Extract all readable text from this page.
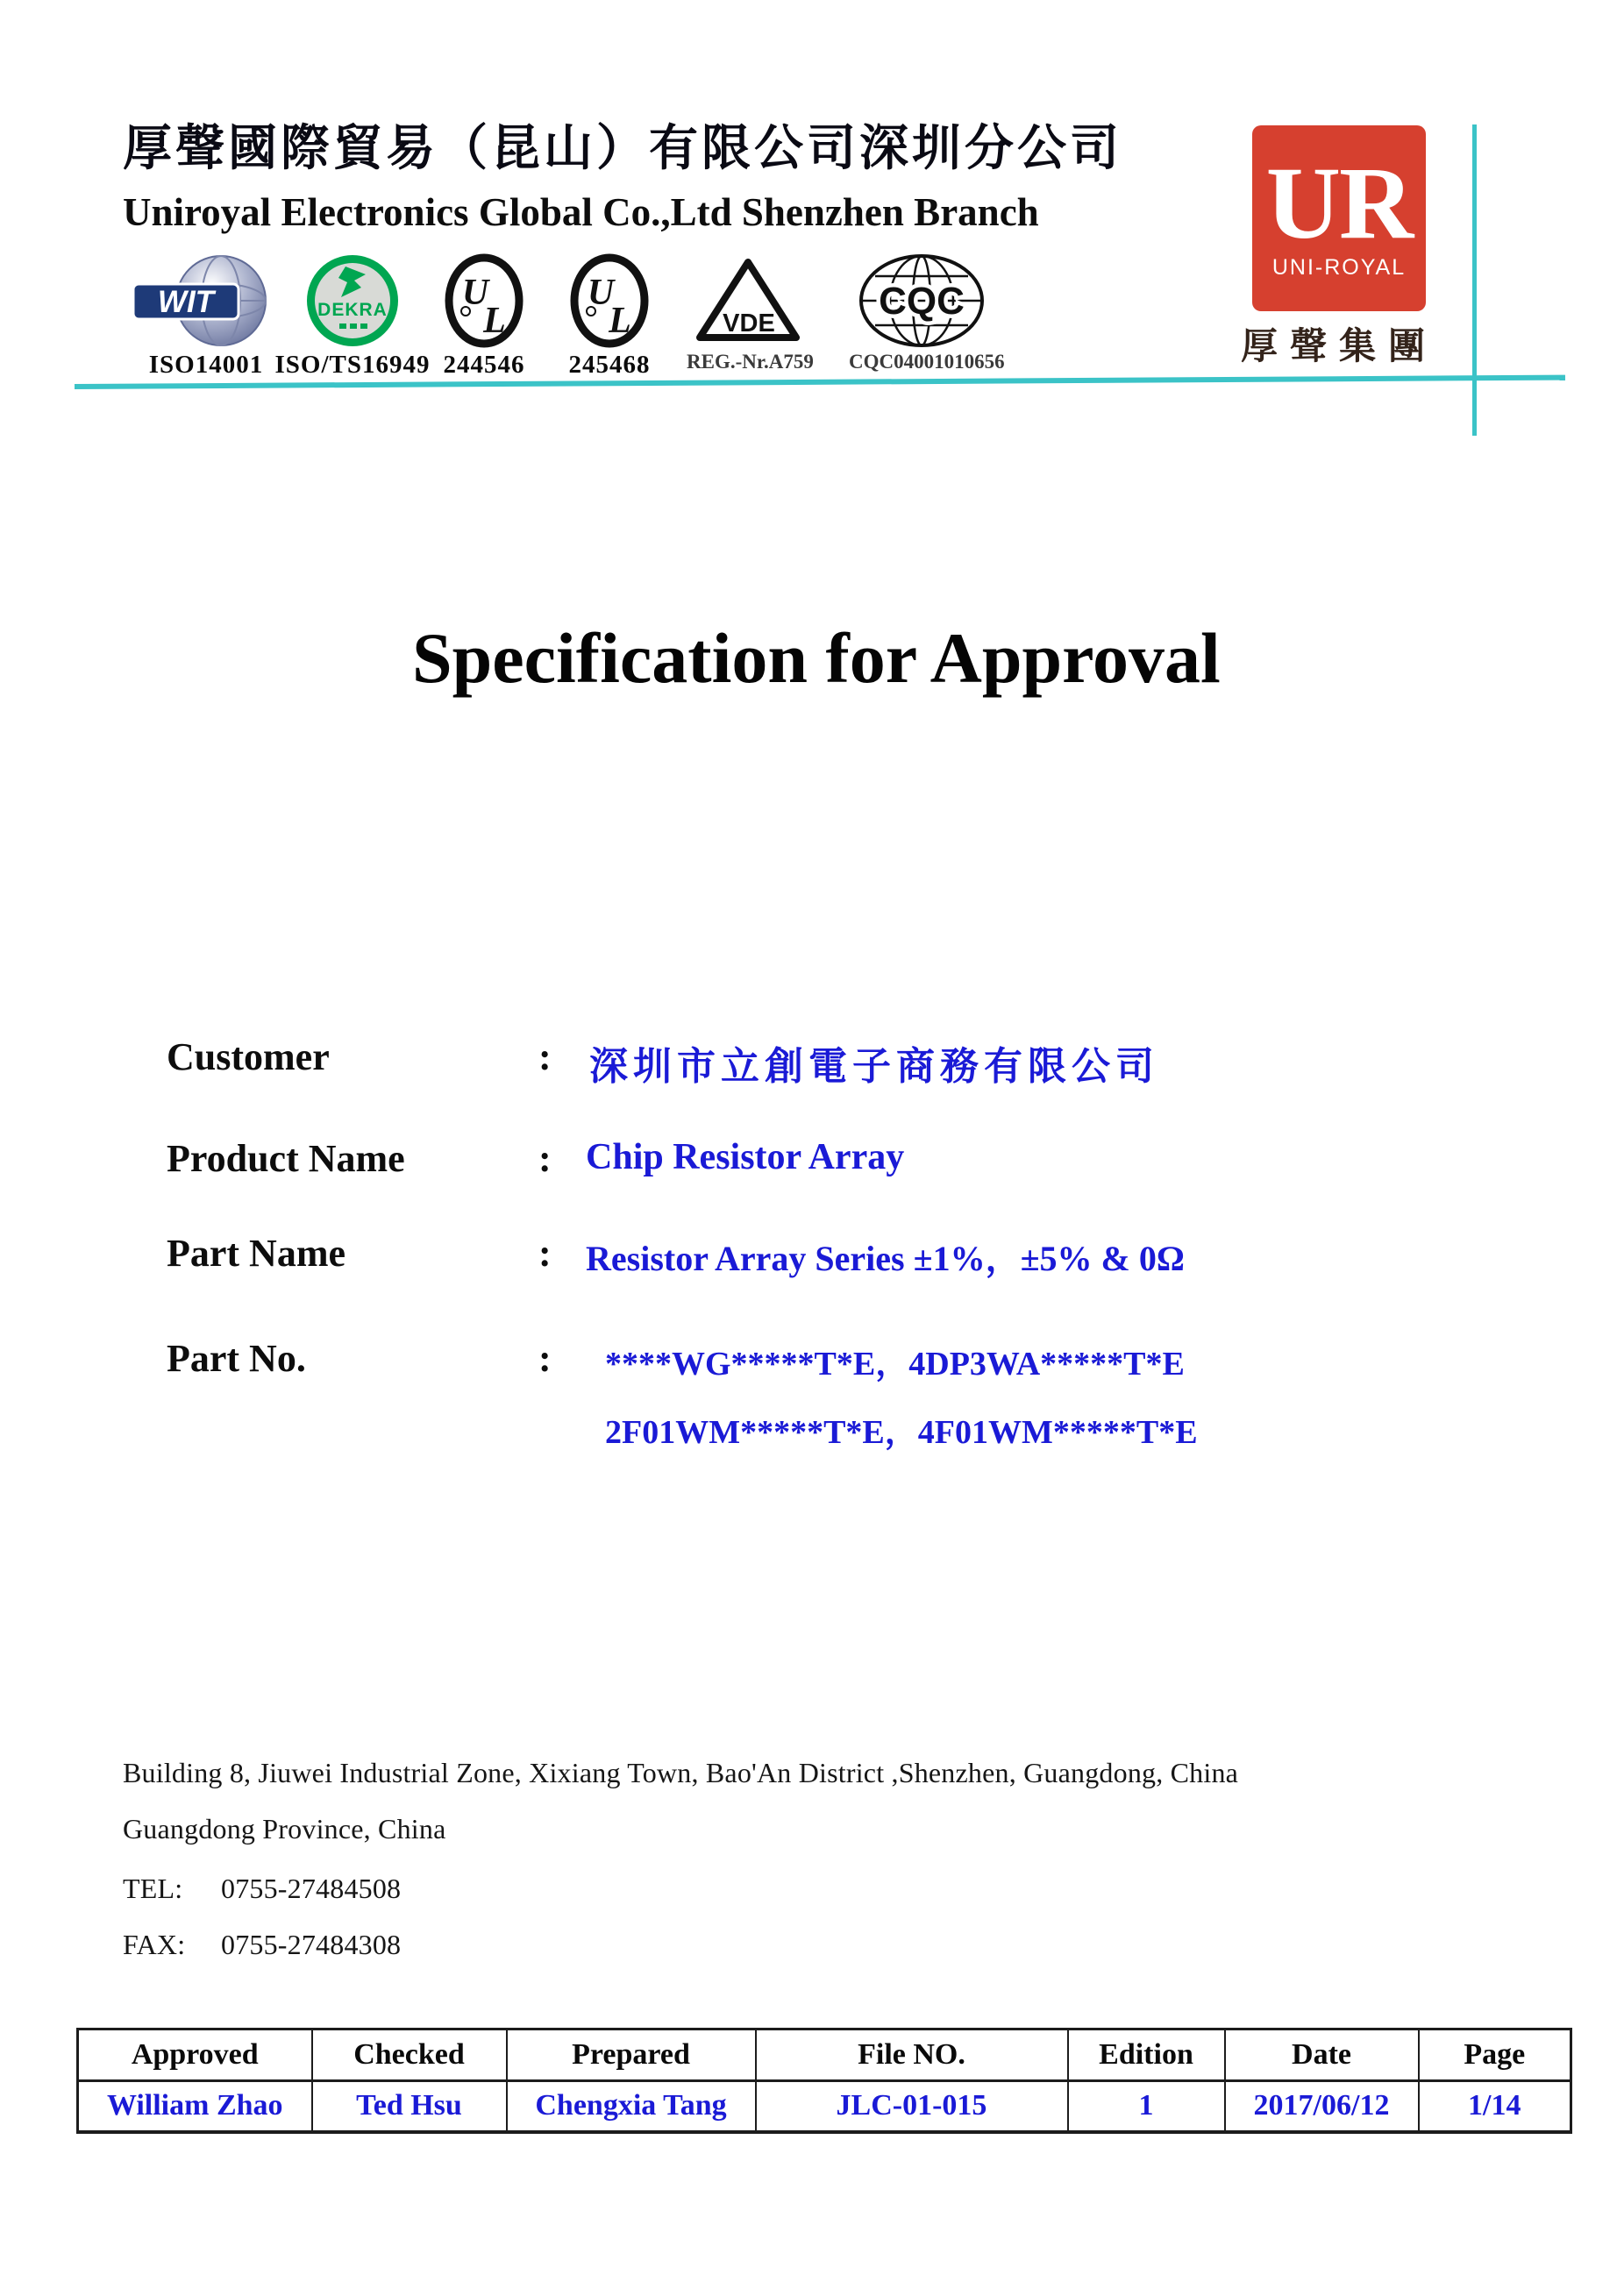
厚聲國際貿易（昆山）有限公司深圳分公司
Uniroyal Electronics Global Co.,Ltd Shenzhen Branch
WIT
ISO14001
DEKRA
ISO/TS16949
U
L
244546
U
L
245468
VDE
REG.-Nr.A759
CQC
CQC04001010656
UR
UNI-ROYAL
厚聲集團
Specification for Approval
Customer	: 深圳市立創電子商務有限公司
Product Name	: Chip Resistor Array
Part Name	: Resistor Array Series ±1%，±5% & 0Ω
Part No.	: ****WG*****T*E，4DP3WA*****T*E
2F01WM*****T*E，4F01WM*****T*E
Building 8, Jiuwei Industrial Zone, Xixiang Town, Bao'An District ,Shenzhen, Guangdong, China
Guangdong Province, China
TEL: 0755-27484508
FAX: 0755-27484308
Approved	Checked	Prepared	File NO.	Edition	Date	Page
William Zhao	Ted Hsu	Chengxia Tang	JLC-01-015	1	2017/06/12	1/14
